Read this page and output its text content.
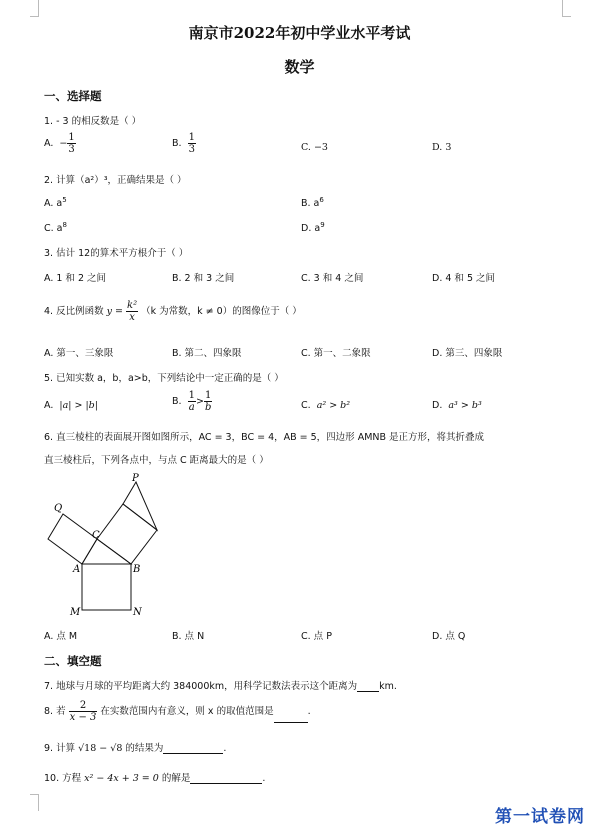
南京市2022年初中学业水平考试
数学
一、选择题
1. - 3 的相反数是（ ）
A. − $\frac{1}{3}$	B. $\frac{1}{3}$	C. −3	D. 3
2. 计算（a²）³，正确结果是（ ）
A. $a^5$	B. $a^6$
C. $a^8$	D. $a^9$
3. 估计 12的算术平方根介于（ ）
A. 1 和 2 之间	B. 2 和 3 之间	C. 3 和 4 之间	D. 4 和 5 之间
4. 反比例函数 $y = \frac{\text{k²}}{x} (k$ 为常数，k ≠ 0）的图像位于（ ）
A. 第一、三象限	B. 第二、四象限	C. 第一、二象限	D. 第三、四象限
5. 已知实数 a，b，a>b，下列结论中一定正确的是（ ）
A. |a| > |b|	B. $\frac{1}{a} > \frac{1}{b}$	C. a² > b²	D. a³ > b³
6. 直三棱柱的表面展开图如图所示，AC = 3，BC = 4，AB = 5，四边形 AMNB 是正方形，将其折叠成
直三棱柱后，下列各点中，与点 C 距离最大的是（ ）
P
Q
C
A	B
M	N
A. 点 M	B. 点 N	C. 点 P	D. 点 Q
二、填空题
7. 地球与月球的平均距离大约 384000km，用科学记数法表示这个距离为 km.
8. 若 $\frac{2}{x - 3}$ 在实数范围内有意义，则 x 的取值范围是	.
9. 计算 √18 − √8 的结果为	.
10. 方程 x² − 4x + 3 = 0 的解是	.
第一试卷网
